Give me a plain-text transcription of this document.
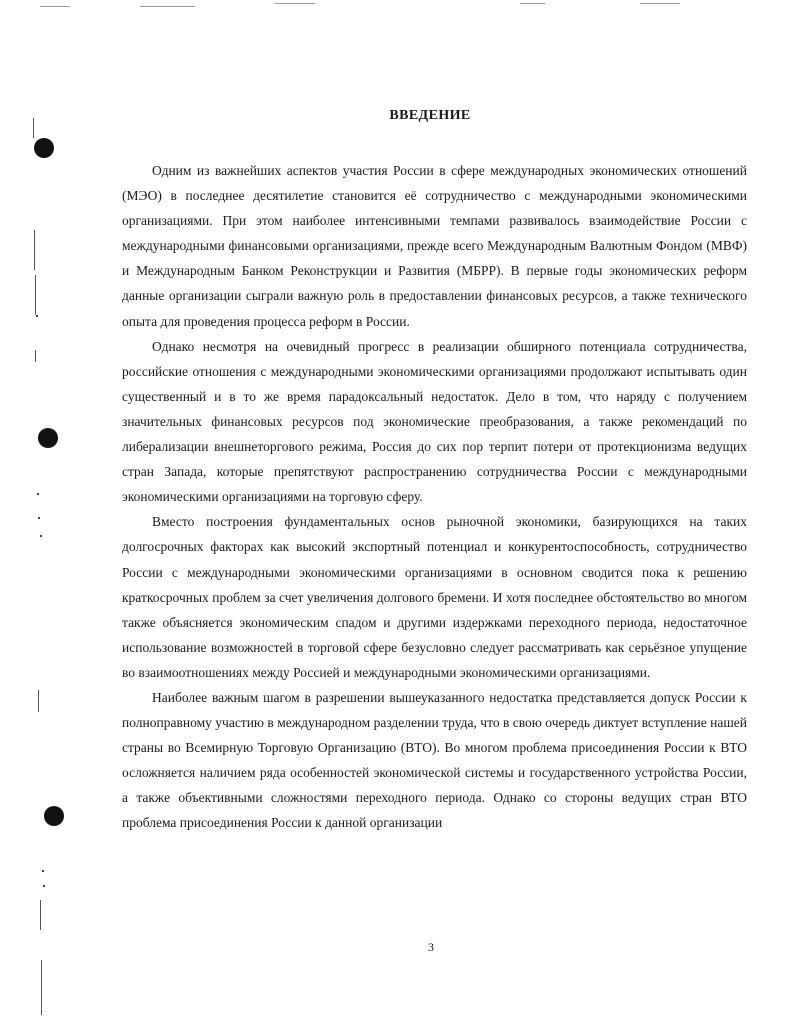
ВВЕДЕНИЕ

Одним из важнейших аспектов участия России в сфере международных экономических отношений (МЭО) в последнее десятилетие становится её сотрудничество с международными экономическими организациями. При этом наиболее интенсивными темпами развивалось взаимодействие России с международными финансовыми организациями, прежде всего Международным Валютным Фондом (МВФ) и Международным Банком Реконструкции и Развития (МБРР). В первые годы экономических реформ данные организации сыграли важную роль в предоставлении финансовых ресурсов, а также технического опыта для проведения процесса реформ в России.

Однако несмотря на очевидный прогресс в реализации обширного потенциала сотрудничества, российские отношения с международными экономическими организациями продолжают испытывать один существенный и в то же время парадоксальный недостаток. Дело в том, что наряду с получением значительных финансовых ресурсов под экономические преобразования, а также рекомендаций по либерализации внешнеторгового режима, Россия до сих пор терпит потери от протекционизма ведущих стран Запада, которые препятствуют распространению сотрудничества России с международными экономическими организациями на торговую сферу.

Вместо построения фундаментальных основ рыночной экономики, базирующихся на таких долгосрочных факторах как высокий экспортный потенциал и конкурентоспособность, сотрудничество России с международными экономическими организациями в основном сводится пока к решению краткосрочных проблем за счет увеличения долгового бремени. И хотя последнее обстоятельство во многом также объясняется экономическим спадом и другими издержками переходного периода, недостаточное использование возможностей в торговой сфере безусловно следует рассматривать как серьёзное упущение во взаимоотношениях между Россией и международными экономическими организациями.

Наиболее важным шагом в разрешении вышеуказанного недостатка представляется допуск России к полноправному участию в международном разделении труда, что в свою очередь диктует вступление нашей страны во Всемирную Торговую Организацию (ВТО). Во многом проблема присоединения России к ВТО осложняется наличием ряда особенностей экономической системы и государственного устройства России, а также объективными сложностями переходного периода. Однако со стороны ведущих стран ВТО проблема присоединения России к данной организации

3
